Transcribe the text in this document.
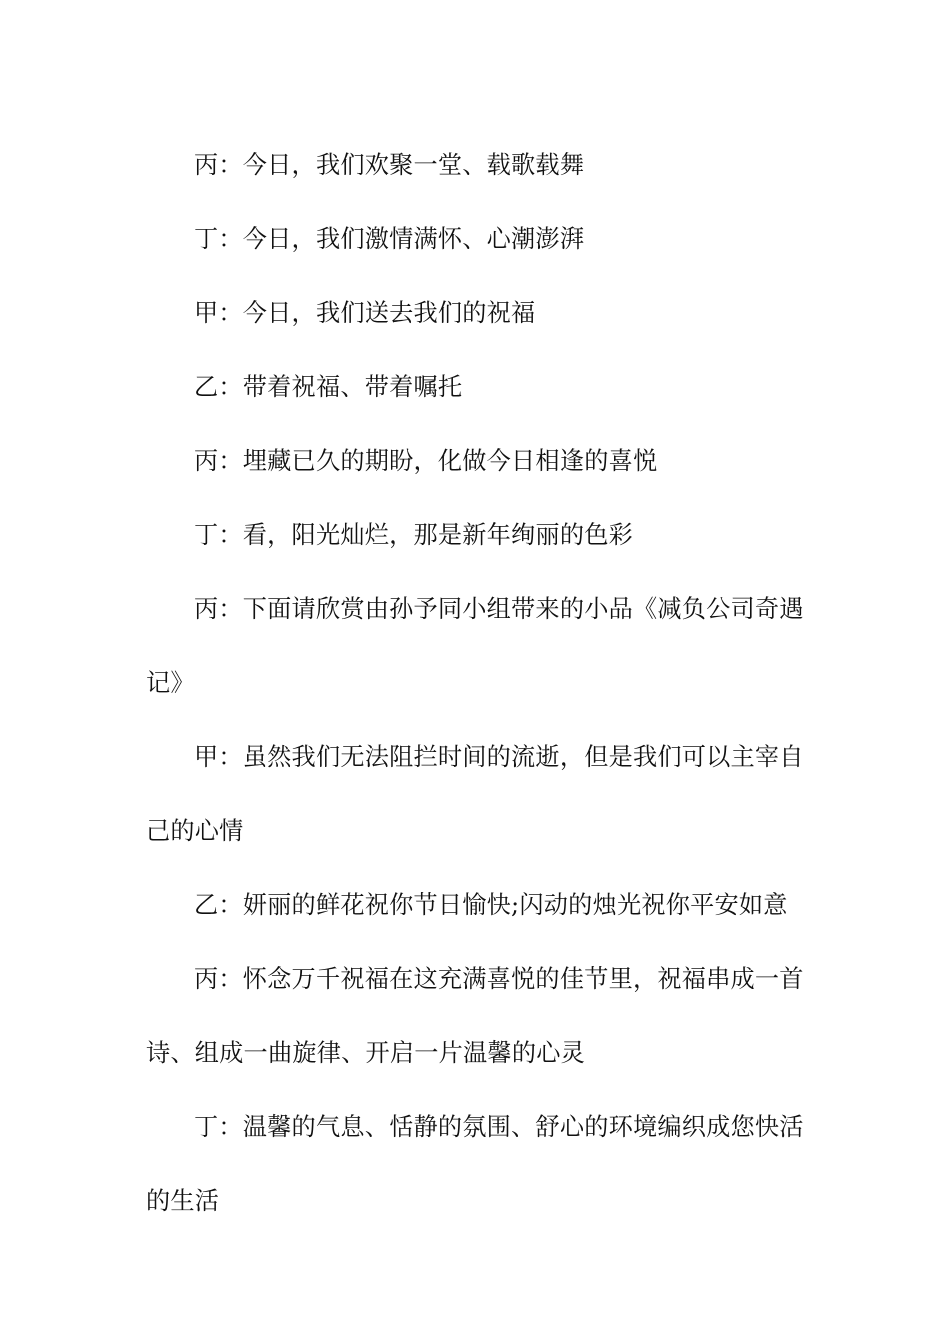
丙：今日，我们欢聚一堂、载歌载舞

丁：今日，我们激情满怀、心潮澎湃

甲：今日，我们送去我们的祝福

乙：带着祝福、带着嘱托

丙：埋藏已久的期盼，化做今日相逢的喜悦

丁：看，阳光灿烂，那是新年绚丽的色彩

丙：下面请欣赏由孙予同小组带来的小品《减负公司奇遇记》

甲：虽然我们无法阻拦时间的流逝，但是我们可以主宰自己的心情

乙：妍丽的鲜花祝你节日愉快;闪动的烛光祝你平安如意

丙：怀念万千祝福在这充满喜悦的佳节里，祝福串成一首诗、组成一曲旋律、开启一片温馨的心灵

丁：温馨的气息、恬静的氛围、舒心的环境编织成您快活的生活
